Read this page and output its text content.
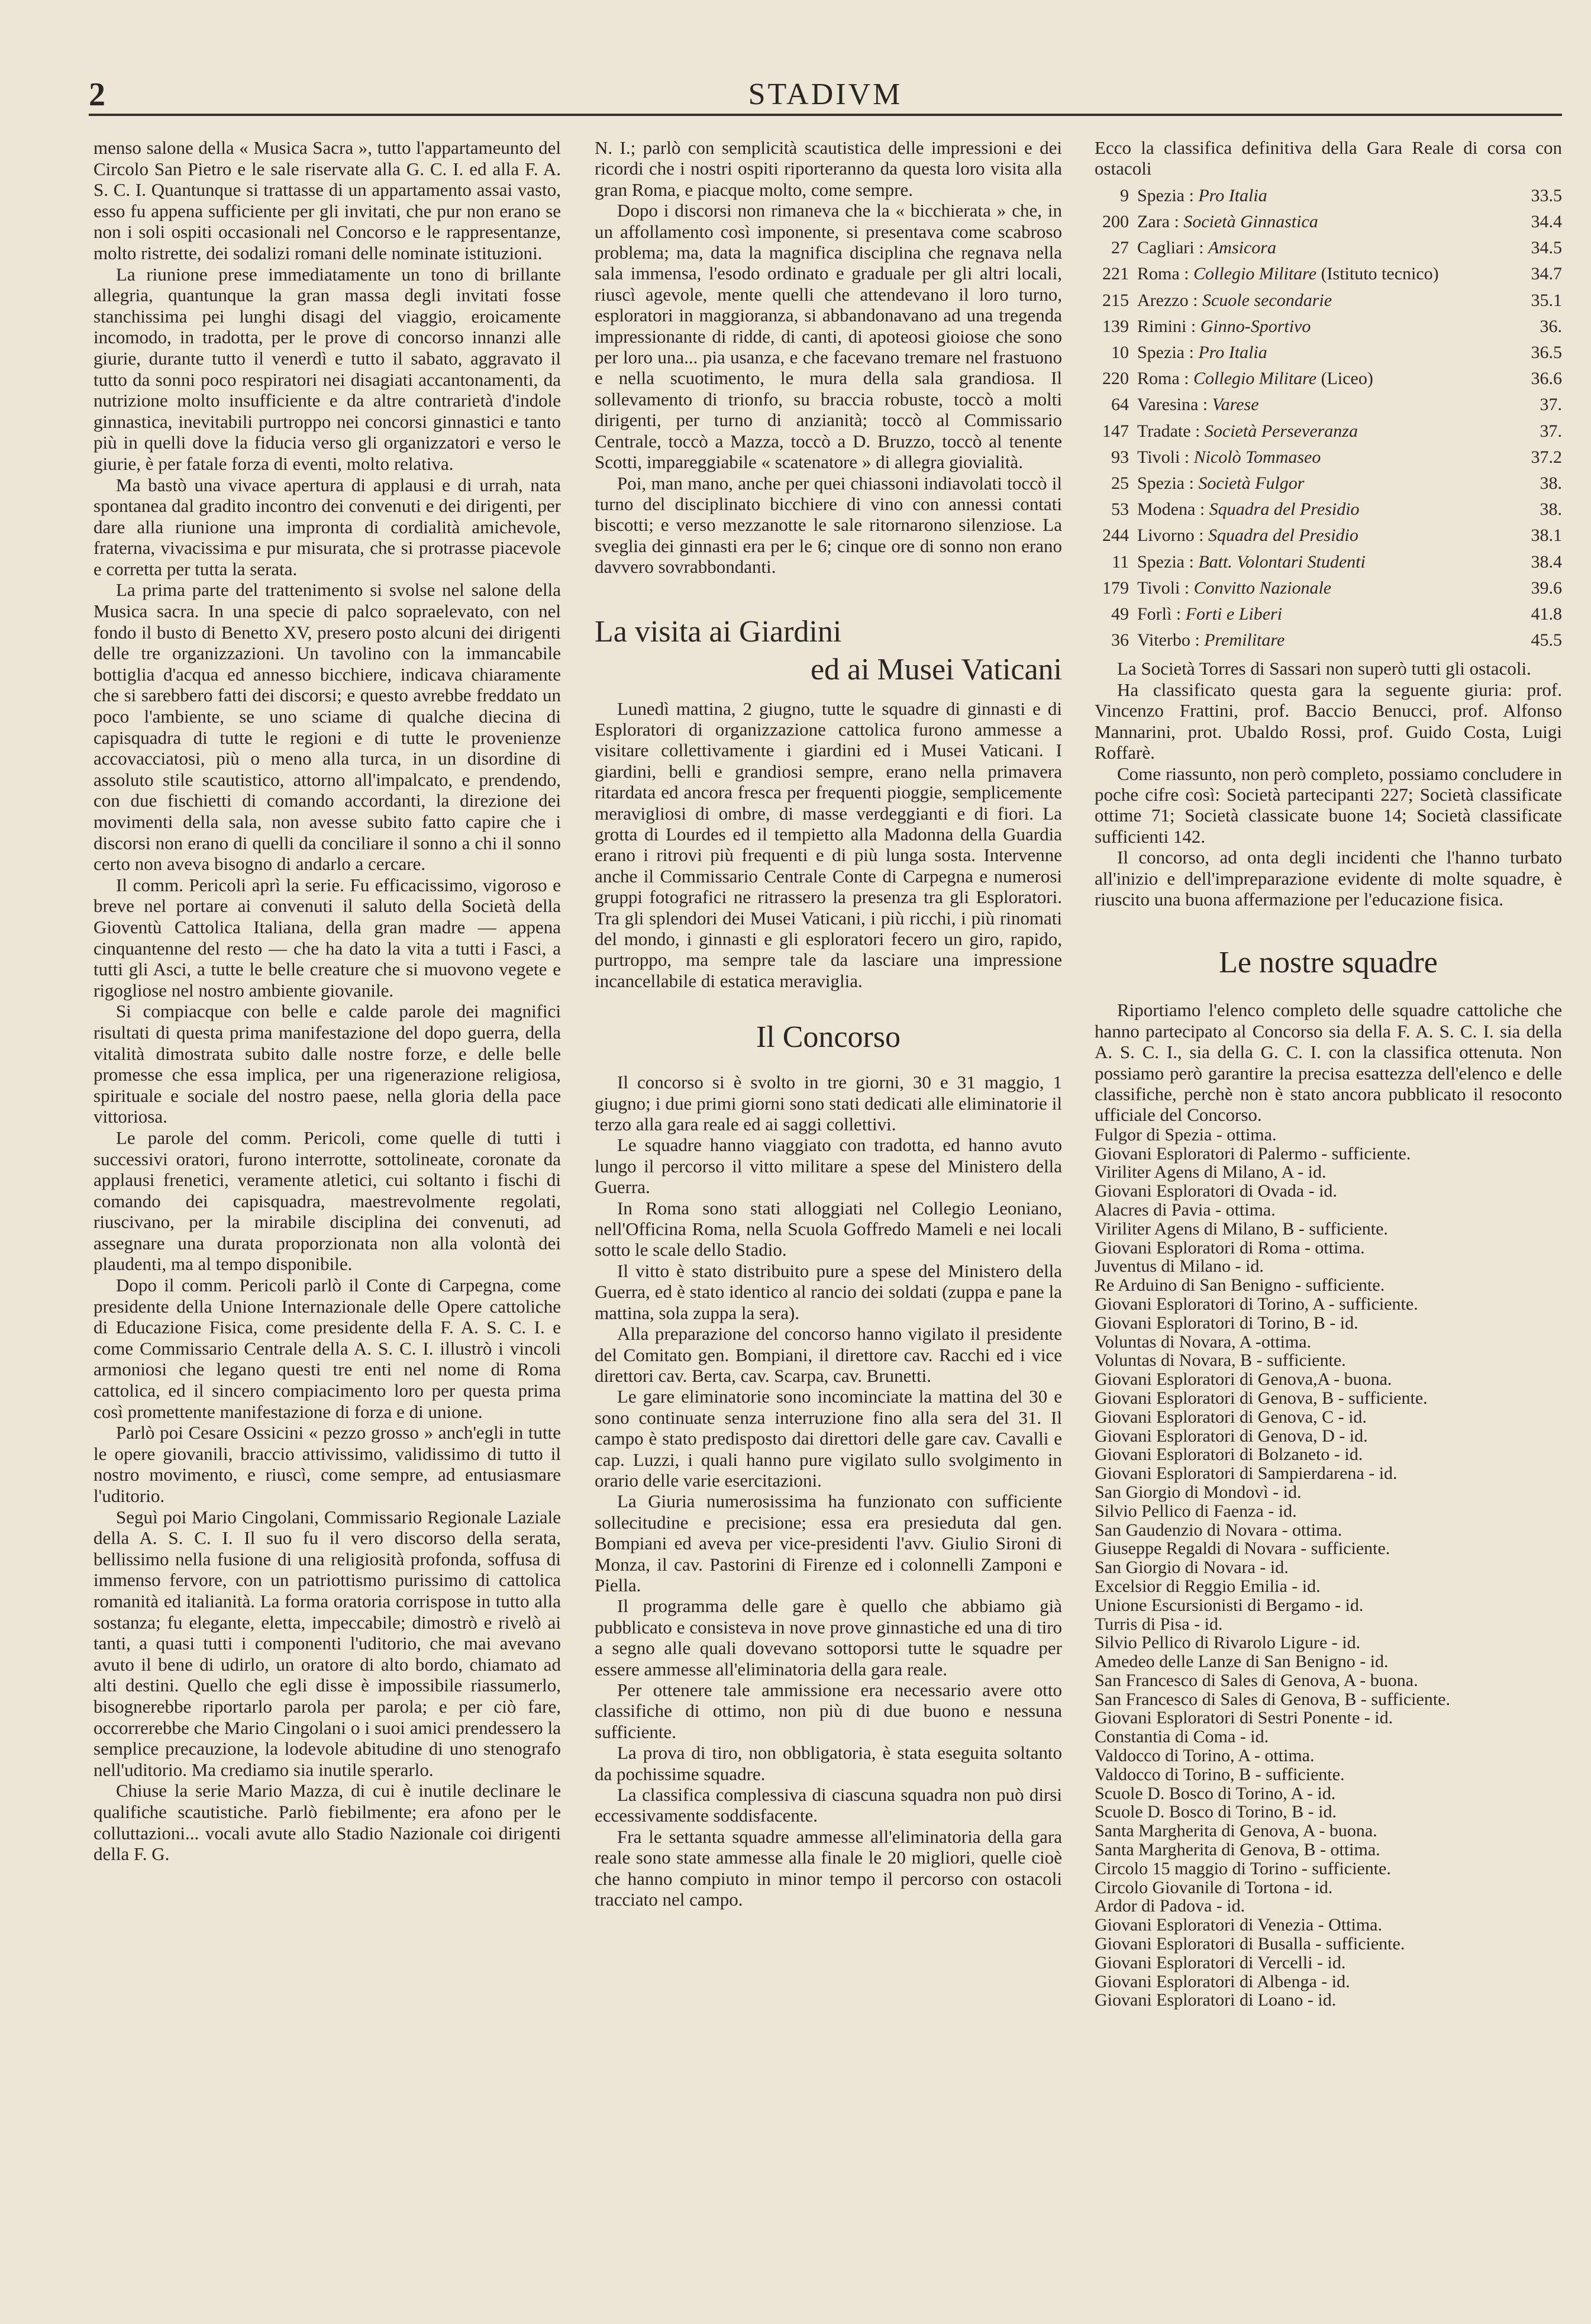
2	STADIVM

menso salone della « Musica Sacra », tutto l'appartameunto del Circolo San Pietro e le sale riservate alla G. C. I. ed alla F. A. S. C. I. Quantunque si trattasse di un appartamento assai vasto, esso fu appena sufficiente per gli invitati, che pur non erano se non i soli ospiti occasionali nel Concorso e le rappresentanze, molto ristrette, dei sodalizi romani delle nominate istituzioni.

La riunione prese immediatamente un tono di brillante allegria, quantunque la gran massa degli invitati fosse stanchissima pei lunghi disagi del viaggio, eroicamente incomodo, in tradotta, per le prove di concorso innanzi alle giurie, durante tutto il venerdì e tutto il sabato, aggravato il tutto da sonni poco respiratori nei disagiati accantonamenti, da nutrizione molto insufficiente e da altre contrarietà d'indole ginnastica, inevitabili purtroppo nei concorsi ginnastici e tanto più in quelli dove la fiducia verso gli organizzatori e verso le giurie, è per fatale forza di eventi, molto relativa.

Ma bastò una vivace apertura di applausi e di urrah, nata spontanea dal gradito incontro dei convenuti e dei dirigenti, per dare alla riunione una impronta di cordialità amichevole, fraterna, vivacissima e pur misurata, che si protrasse piacevole e corretta per tutta la serata.

La prima parte del trattenimento si svolse nel salone della Musica sacra. In una specie di palco sopraelevato, con nel fondo il busto di Benetto XV, presero posto alcuni dei dirigenti delle tre organizzazioni. Un tavolino con la immancabile bottiglia d'acqua ed annesso bicchiere, indicava chiaramente che si sarebbero fatti dei discorsi; e questo avrebbe freddato un poco l'ambiente, se uno sciame di qualche diecina di capisquadra di tutte le regioni e di tutte le provenienze accovacciatosi, più o meno alla turca, in un disordine di assoluto stile scautistico, attorno all'impalcato, e prendendo, con due fischietti di comando accordanti, la direzione dei movimenti della sala, non avesse subito fatto capire che i discorsi non erano di quelli da conciliare il sonno a chi il sonno certo non aveva bisogno di andarlo a cercare.

Il comm. Pericoli aprì la serie. Fu efficacissimo, vigoroso e breve nel portare ai convenuti il saluto della Società della Gioventù Cattolica Italiana, della gran madre — appena cinquantenne del resto — che ha dato la vita a tutti i Fasci, a tutti gli Asci, a tutte le belle creature che si muovono vegete e rigogliose nel nostro ambiente giovanile.

Si compiacque con belle e calde parole dei magnifici risultati di questa prima manifestazione del dopo guerra, della vitalità dimostrata subito dalle nostre forze, e delle belle promesse che essa implica, per una rigenerazione religiosa, spirituale e sociale del nostro paese, nella gloria della pace vittoriosa.

Le parole del comm. Pericoli, come quelle di tutti i successivi oratori, furono interrotte, sottolineate, coronate da applausi frenetici, veramente atletici, cui soltanto i fischi di comando dei capisquadra, maestrevolmente regolati, riuscivano, per la mirabile disciplina dei convenuti, ad assegnare una durata proporzionata non alla volontà dei plaudenti, ma al tempo disponibile.

Dopo il comm. Pericoli parlò il Conte di Carpegna, come presidente della Unione Internazionale delle Opere cattoliche di Educazione Fisica, come presidente della F. A. S. C. I. e come Commissario Centrale della A. S. C. I. illustrò i vincoli armoniosi che legano questi tre enti nel nome di Roma cattolica, ed il sincero compiacimento loro per questa prima così promettente manifestazione di forza e di unione.

Parlò poi Cesare Ossicini « pezzo grosso » anch'egli in tutte le opere giovanili, braccio attivissimo, validissimo di tutto il nostro movimento, e riuscì, come sempre, ad entusiasmare l'uditorio.

Seguì poi Mario Cingolani, Commissario Regionale Laziale della A. S. C. I. Il suo fu il vero discorso della serata, bellissimo nella fusione di una religiosità profonda, soffusa di immenso fervore, con un patriottismo purissimo di cattolica romanità ed italianità. La forma oratoria corrispose in tutto alla sostanza; fu elegante, eletta, impeccabile; dimostrò e rivelò ai tanti, a quasi tutti i componenti l'uditorio, che mai avevano avuto il bene di udirlo, un oratore di alto bordo, chiamato ad alti destini. Quello che egli disse è impossibile riassumerlo, bisognerebbe riportarlo parola per parola; e per ciò fare, occorrerebbe che Mario Cingolani o i suoi amici prendessero la semplice precauzione, la lodevole abitudine di uno stenografo nell'uditorio. Ma crediamo sia inutile sperarlo.

Chiuse la serie Mario Mazza, di cui è inutile declinare le qualifiche scautistiche. Parlò fiebilmente; era afono per le colluttazioni... vocali avute allo Stadio Nazionale coi dirigenti della F. G.

N. I.; parlò con semplicità scautistica delle impressioni e dei ricordi che i nostri ospiti riporteranno da questa loro visita alla gran Roma, e piacque molto, come sempre.

Dopo i discorsi non rimaneva che la « bicchierata » che, in un affollamento così imponente, si presentava come scabroso problema; ma, data la magnifica disciplina che regnava nella sala immensa, l'esodo ordinato e graduale per gli altri locali, riuscì agevole, mente quelli che attendevano il loro turno, esploratori in maggioranza, si abbandonavano ad una tregenda impressionante di ridde, di canti, di apoteosi gioiose che sono per loro una... pia usanza, e che facevano tremare nel frastuono e nella scuotimento, le mura della sala grandiosa. Il sollevamento di trionfo, su braccia robuste, toccò a molti dirigenti, per turno di anzianità; toccò al Commissario Centrale, toccò a Mazza, toccò a D. Bruzzo, toccò al tenente Scotti, impareggiabile « scatenatore » di allegra giovialità.

Poi, man mano, anche per quei chiassoni indiavolati toccò il turno del disciplinato bicchiere di vino con annessi contati biscotti; e verso mezzanotte le sale ritornarono silenziose. La sveglia dei ginnasti era per le 6; cinque ore di sonno non erano davvero sovrabbondanti.

La visita ai Giardini
ed ai Musei Vaticani

Lunedì mattina, 2 giugno, tutte le squadre di ginnasti e di Esploratori di organizzazione cattolica furono ammesse a visitare collettivamente i giardini ed i Musei Vaticani. I giardini, belli e grandiosi sempre, erano nella primavera ritardata ed ancora fresca per frequenti pioggie, semplicemente meravigliosi di ombre, di masse verdeggianti e di fiori. La grotta di Lourdes ed il tempietto alla Madonna della Guardia erano i ritrovi più frequenti e di più lunga sosta. Intervenne anche il Commissario Centrale Conte di Carpegna e numerosi gruppi fotografici ne ritrassero la presenza tra gli Esploratori. Tra gli splendori dei Musei Vaticani, i più ricchi, i più rinomati del mondo, i ginnasti e gli esploratori fecero un giro, rapido, purtroppo, ma sempre tale da lasciare una impressione incancellabile di estatica meraviglia.

Il Concorso

Il concorso si è svolto in tre giorni, 30 e 31 maggio, 1 giugno; i due primi giorni sono stati dedicati alle eliminatorie il terzo alla gara reale ed ai saggi collettivi.

Le squadre hanno viaggiato con tradotta, ed hanno avuto lungo il percorso il vitto militare a spese del Ministero della Guerra.

In Roma sono stati alloggiati nel Collegio Leoniano, nell'Officina Roma, nella Scuola Goffredo Mameli e nei locali sotto le scale dello Stadio.

Il vitto è stato distribuito pure a spese del Ministero della Guerra, ed è stato identico al rancio dei soldati (zuppa e pane la mattina, sola zuppa la sera).

Alla preparazione del concorso hanno vigilato il presidente del Comitato gen. Bompiani, il direttore cav. Racchi ed i vice direttori cav. Berta, cav. Scarpa, cav. Brunetti.

Le gare eliminatorie sono incominciate la mattina del 30 e sono continuate senza interruzione fino alla sera del 31. Il campo è stato predisposto dai direttori delle gare cav. Cavalli e cap. Luzzi, i quali hanno pure vigilato sullo svolgimento in orario delle varie esercitazioni.

La Giuria numerosissima ha funzionato con sufficiente sollecitudine e precisione; essa era presieduta dal gen. Bompiani ed aveva per vice-presidenti l'avv. Giulio Sironi di Monza, il cav. Pastorini di Firenze ed i colonnelli Zamponi e Piella.

Il programma delle gare è quello che abbiamo già pubblicato e consisteva in nove prove ginnastiche ed una di tiro a segno alle quali dovevano sottoporsi tutte le squadre per essere ammesse all'eliminatoria della gara reale.

Per ottenere tale ammissione era necessario avere otto classifiche di ottimo, non più di due buono e nessuna sufficiente.

La prova di tiro, non obbligatoria, è stata eseguita soltanto da pochissime squadre.

La classifica complessiva di ciascuna squadra non può dirsi eccessivamente soddisfacente.

Fra le settanta squadre ammesse all'eliminatoria della gara reale sono state ammesse alla finale le 20 migliori, quelle cioè che hanno compiuto in minor tempo il percorso con ostacoli tracciato nel campo.

Ecco la classifica definitiva della Gara Reale di corsa con ostacoli

9	Spezia : Pro Italia	33.5
200	Zara : Società Ginnastica	34.4
27	Cagliari : Amsicora	34.5
221	Roma : Collegio Militare (Istituto tecnico)	34.7
215	Arezzo : Scuole secondarie	35.1
139	Rimini : Ginno-Sportivo	36.
10	Spezia : Pro Italia	36.5
220	Roma : Collegio Militare (Liceo)	36.6
64	Varesina : Varese	37.
147	Tradate : Società Perseveranza	37.
93	Tivoli : Nicolò Tommaseo	37.2
25	Spezia : Società Fulgor	38.
53	Modena : Squadra del Presidio	38.
244	Livorno : Squadra del Presidio	38.1
11	Spezia : Batt. Volontari Studenti	38.4
179	Tivoli : Convitto Nazionale	39.6
49	Forlì : Forti e Liberi	41.8
36	Viterbo : Premilitare	45.5

La Società Torres di Sassari non superò tutti gli ostacoli.

Ha classificato questa gara la seguente giuria: prof. Vincenzo Frattini, prof. Baccio Benucci, prof. Alfonso Mannarini, prot. Ubaldo Rossi, prof. Guido Costa, Luigi Roffarè.

Come riassunto, non però completo, possiamo concludere in poche cifre così: Società partecipanti 227; Società classificate ottime 71; Società classicate buone 14; Società classificate sufficienti 142.

Il concorso, ad onta degli incidenti che l'hanno turbato all'inizio e dell'impreparazione evidente di molte squadre, è riuscito una buona affermazione per l'educazione fisica.

Le nostre squadre

Riportiamo l'elenco completo delle squadre cattoliche che hanno partecipato al Concorso sia della F. A. S. C. I. sia della A. S. C. I., sia della G. C. I. con la classifica ottenuta. Non possiamo però garantire la precisa esattezza dell'elenco e delle classifiche, perchè non è stato ancora pubblicato il resoconto ufficiale del Concorso.

Fulgor di Spezia - ottima.

Giovani Esploratori di Palermo - sufficiente.

Viriliter Agens di Milano, A - id.

Giovani Esploratori di Ovada - id.

Alacres di Pavia - ottima.

Viriliter Agens di Milano, B - sufficiente.

Giovani Esploratori di Roma - ottima.

Juventus di Milano - id.

Re Arduino di San Benigno - sufficiente.

Giovani Esploratori di Torino, A - sufficiente.

Giovani Esploratori di Torino, B - id.

Voluntas di Novara, A -ottima.

Voluntas di Novara, B - sufficiente.

Giovani Esploratori di Genova,A - buona.

Giovani Esploratori di Genova, B - sufficiente.

Giovani Esploratori di Genova, C - id.

Giovani Esploratori di Genova, D - id.

Giovani Esploratori di Bolzaneto - id.

Giovani Esploratori di Sampierdarena - id.

San Giorgio di Mondovì - id.

Silvio Pellico di Faenza - id.

San Gaudenzio di Novara - ottima.

Giuseppe Regaldi di Novara - sufficiente.

San Giorgio di Novara - id.

Excelsior di Reggio Emilia - id.

Unione Escursionisti di Bergamo - id.

Turris di Pisa - id.

Silvio Pellico di Rivarolo Ligure - id.

Amedeo delle Lanze di San Benigno - id.

San Francesco di Sales di Genova, A - buona.

San Francesco di Sales di Genova, B - sufficiente.

Giovani Esploratori di Sestri Ponente - id.

Constantia di Coma - id.

Valdocco di Torino, A - ottima.

Valdocco di Torino, B - sufficiente.

Scuole D. Bosco di Torino, A - id.

Scuole D. Bosco di Torino, B - id.

Santa Margherita di Genova, A - buona.

Santa Margherita di Genova, B - ottima.

Circolo 15 maggio di Torino - sufficiente.

Circolo Giovanile di Tortona - id.

Ardor di Padova - id.

Giovani Esploratori di Venezia - Ottima.

Giovani Esploratori di Busalla - sufficiente.

Giovani Esploratori di Vercelli - id.

Giovani Esploratori di Albenga - id.

Giovani Esploratori di Loano - id.
